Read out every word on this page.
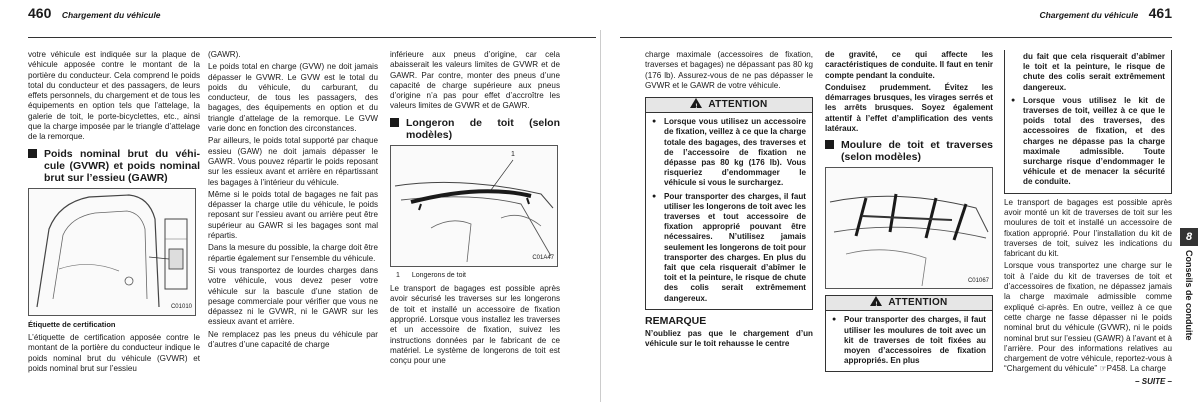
460 Chargement du véhicule	Chargement du véhicule 461

votre véhicule est indiquée sur la plaque de véhicule apposée contre le montant de la portière du conducteur. Cela comprend le poids total du conducteur et des passagers, de leurs effets personnels, du chargement et de tous les équipements en option tels que l’attelage, la galerie de toit, le porte-bicyclettes, etc., ainsi que la charge imposée par le triangle d’attelage de la remorque.

Poids nominal brut du véhi-cule (GVWR) et poids nominal brut sur l’essieu (GAWR)
C01010
Étiquette de certification

L’étiquette de certification apposée contre le montant de la portière du conducteur indique le poids nominal brut du véhicule (GVWR) et poids nominal brut sur l’essieu

(GAWR).

Le poids total en charge (GVW) ne doit jamais dépasser le GVWR. Le GVW est le total du poids du véhicule, du carburant, du conducteur, de tous les passagers, des bagages, des équipements en option et du triangle d’attelage de la remorque. Le GVW varie donc en fonction des circonstances.

Par ailleurs, le poids total supporté par chaque essieu (GAW) ne doit jamais dépasser le GAWR. Vous pouvez répartir le poids reposant sur les essieux avant et arrière en répartissant les bagages à l’intérieur du véhicule.

Même si le poids total de bagages ne fait pas dépasser la charge utile du véhicule, le poids reposant sur l’essieu avant ou arrière peut être supérieur au GAWR si les bagages sont mal répartis.

Dans la mesure du possible, la charge doit être répartie également sur l’ensemble du véhicule.

Si vous transportez de lourdes charges dans votre véhicule, vous devez peser votre véhicule sur la bascule d’une station de pesage commerciale pour vérifier que vous ne dépassez ni le GVWR, ni le GAWR sur les essieux avant et arrière.

Ne remplacez pas les pneus du véhicule par d’autres d’une capacité de charge

inférieure aux pneus d’origine, car cela abaisserait les valeurs limites de GVWR et de GAWR. Par contre, monter des pneus d’une capacité de charge supérieure aux pneus d’origine n’a pas pour effet d’accroître les valeurs limites de GVWR et de GAWR.

Longeron de toit (selon modèles)
1
C01A47
1 Longerons de toit

Le transport de bagages est possible après avoir sécurisé les traverses sur les longerons de toit et installé un accessoire de fixation approprié. Lorsque vous installez les traverses et un accessoire de fixation, suivez les instructions données par le fabricant de ce matériel. Le système de longerons de toit est conçu pour une

charge maximale (accessoires de fixation, traverses et bagages) ne dépassant pas 80 kg (176 lb). Assurez-vous de ne pas dépasser le GVWR et le GAWR de votre véhicule.

! ATTENTION
● Lorsque vous utilisez un accessoire de fixation, veillez à ce que la charge totale des bagages, des traverses et de l’accessoire de fixation ne dépasse pas 80 kg (176 lb). Vous risqueriez d’endommager le véhicule si vous le surchargez.
● Pour transporter des charges, il faut utiliser les longerons de toit avec les traverses et tout accessoire de fixation approprié pouvant être nécessaires. N’utilisez jamais seulement les longerons de toit pour transporter des charges. En plus du fait que cela risquerait d’abîmer le toit et la peinture, le risque de chute des colis serait extrêmement dangereux.
REMARQUE

N’oubliez pas que le chargement d’un véhicule sur le toit rehausse le centre

de gravité, ce qui affecte les caractéristiques de conduite. Il faut en tenir compte pendant la conduite.

Conduisez prudemment. Évitez les démarrages brusques, les virages serrés et les arrêts brusques. Soyez également attentif à l’effet d’amplification des vents latéraux.

Moulure de toit et traverses (selon modèles)
C01067
! ATTENTION
● Pour transporter des charges, il faut utiliser les moulures de toit avec un kit de traverses de toit fixées au moyen d’accessoires de fixation appropriés. En plus
du fait que cela risquerait d’abîmer le toit et la peinture, le risque de chute des colis serait extrêmement dangereux.
● Lorsque vous utilisez le kit de traverses de toit, veillez à ce que le poids total des traverses, des accessoires de fixation, et des charges ne dépasse pas la charge maximale admissible. Toute surcharge risque d’endommager le véhicule et de menacer la sécurité de conduite.

Le transport de bagages est possible après avoir monté un kit de traverses de toit sur les moulures de toit et installé un accessoire de fixation approprié. Pour l’installation du kit de traverses de toit, suivez les indications du fabricant du kit.

Lorsque vous transportez une charge sur le toit à l’aide du kit de traverses de toit et d’accessoires de fixation, ne dépassez jamais la charge maximale admissible comme expliqué ci-après. En outre, veillez à ce que cette charge ne fasse dépasser ni le poids nominal brut du véhicule (GVWR), ni le poids nominal brut sur l’essieu (GAWR) à l’avant et à l’arrière. Pour des informations relatives au chargement de votre véhicule, reportez-vous à “Chargement du véhicule” ☞P458. La charge

– SUITE –
8
Conseils de conduite
